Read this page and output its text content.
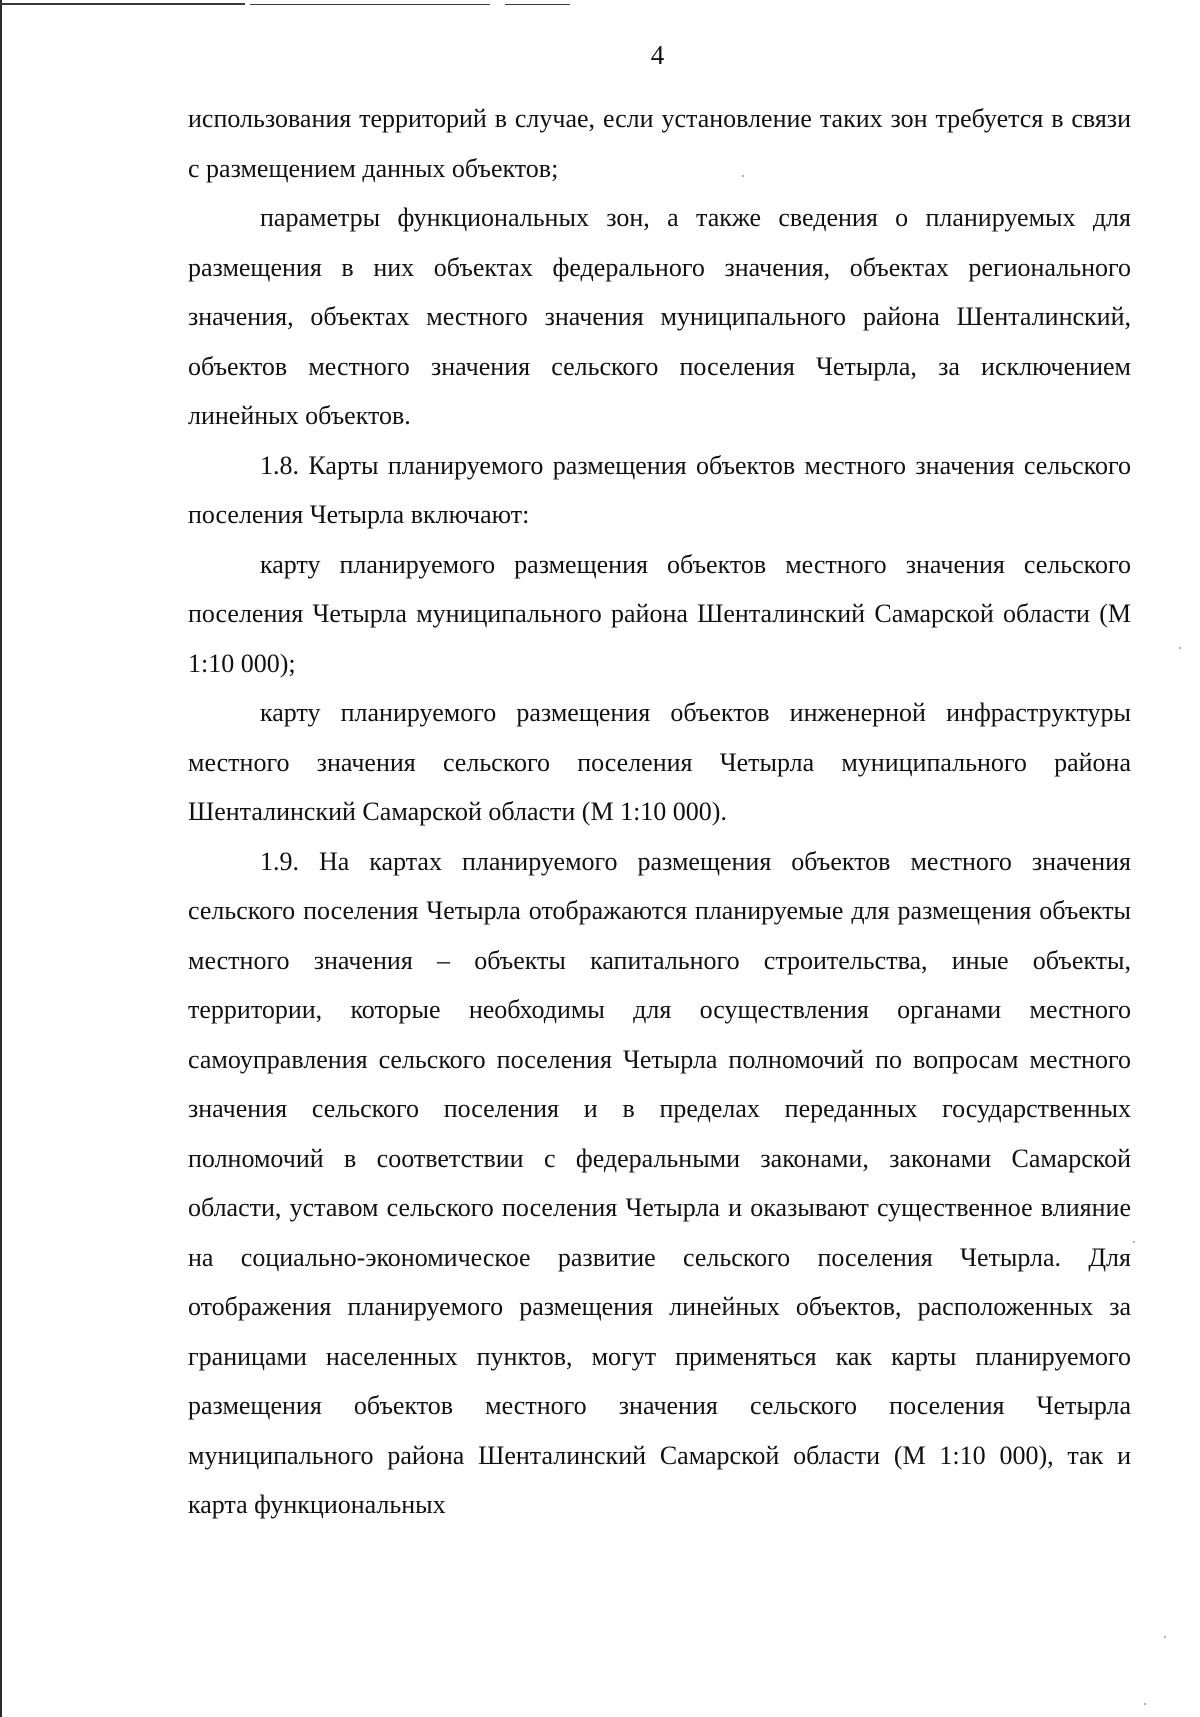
4

использования территорий в случае, если установление таких зон требуется в связи с размещением данных объектов;

параметры функциональных зон, а также сведения о планируемых для размещения в них объектах федерального значения, объектах регионального значения, объектах местного значения муниципального района Шенталинский, объектов местного значения сельского поселения Четырла, за исключением линейных объектов.

1.8. Карты планируемого размещения объектов местного значения сельского поселения Четырла включают:

карту планируемого размещения объектов местного значения сельского поселения Четырла муниципального района Шенталинский Самарской области (М 1:10 000);

карту планируемого размещения объектов инженерной инфраструктуры местного значения сельского поселения Четырла муниципального района Шенталинский Самарской области (М 1:10 000).

1.9. На картах планируемого размещения объектов местного значения сельского поселения Четырла отображаются планируемые для размещения объекты местного значения – объекты капитального строительства, иные объекты, территории, которые необходимы для осуществления органами местного самоуправления сельского поселения Четырла полномочий по вопросам местного значения сельского поселения и в пределах переданных государственных полномочий в соответствии с федеральными законами, законами Самарской области, уставом сельского поселения Четырла и оказывают существенное влияние на социально-экономическое развитие сельского поселения Четырла. Для отображения планируемого размещения линейных объектов, расположенных за границами населенных пунктов, могут применяться как карты планируемого размещения объектов местного значения сельского поселения Четырла муниципального района Шенталинский Самарской области (М 1:10 000), так и карта функциональных
